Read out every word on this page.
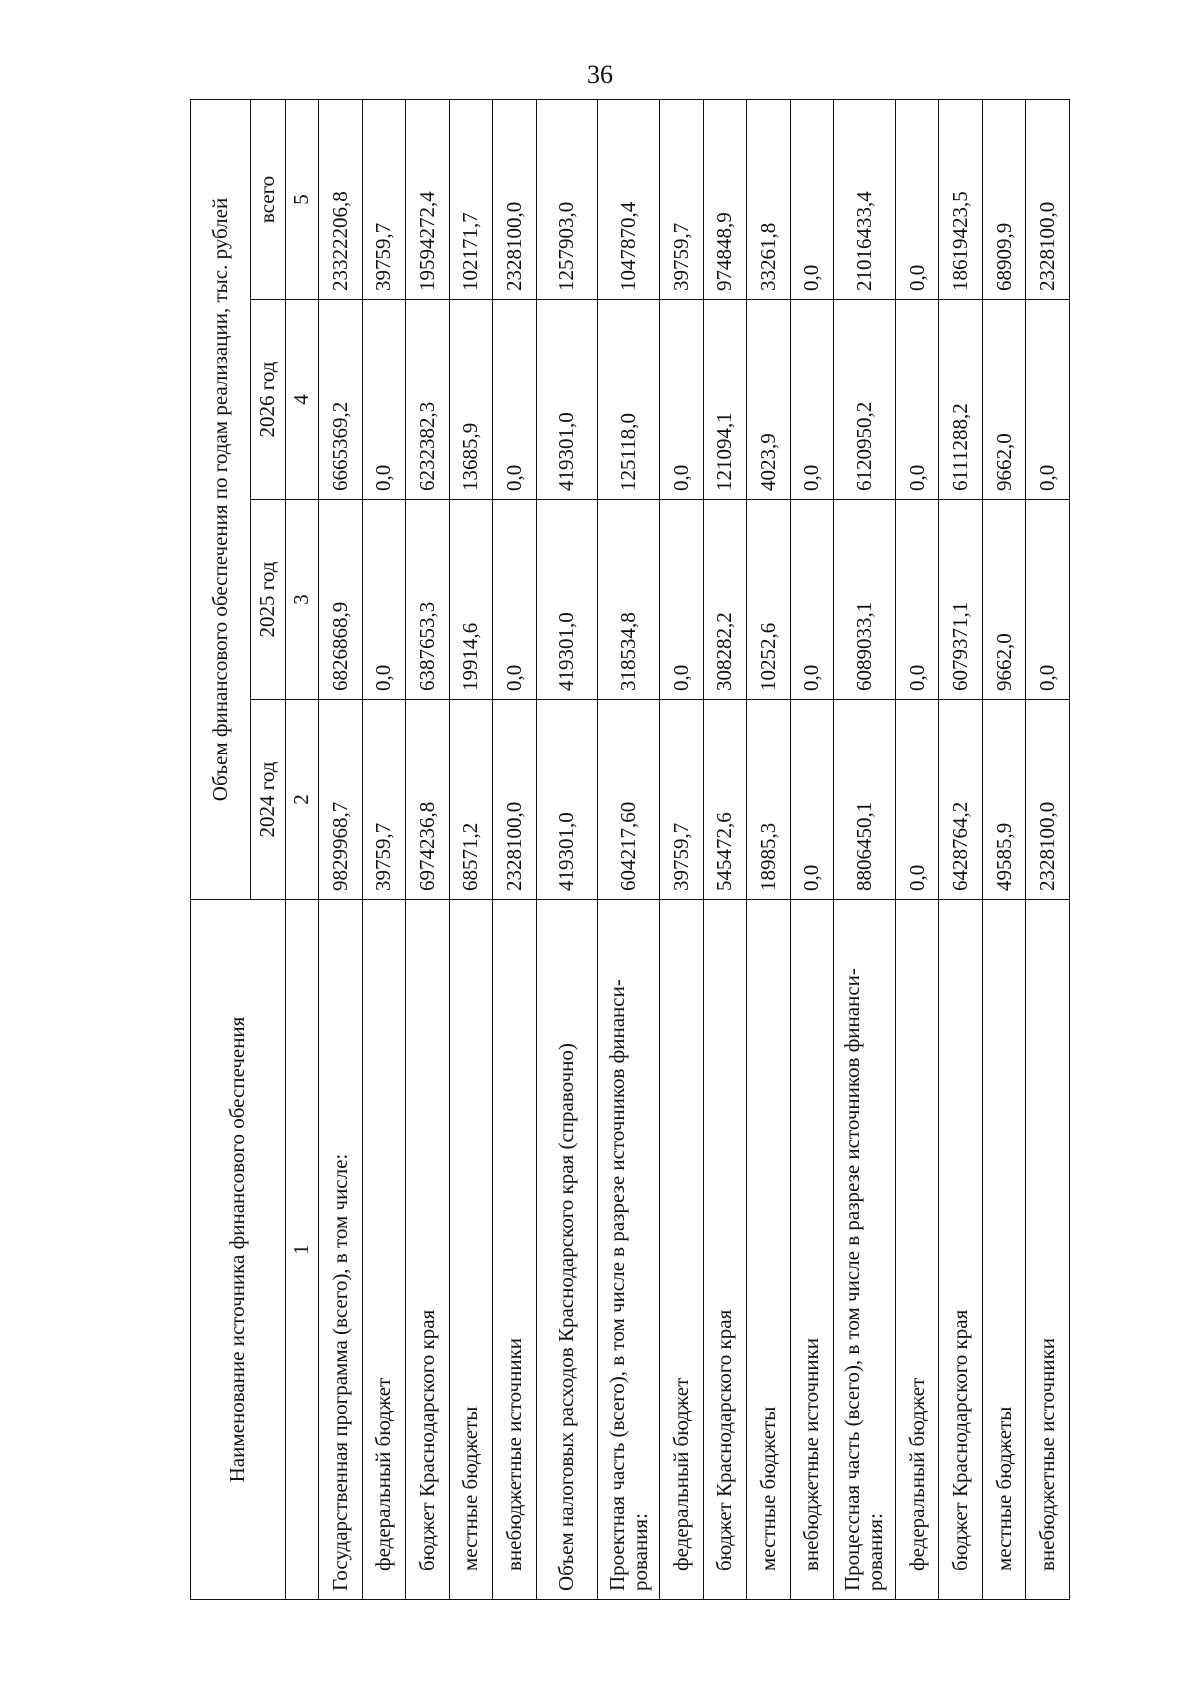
36
Наименование источника финансового обеспечения	Объем финансового обеспечения по годам реализации, тыс. рублей			
	2024 год	2025 год	2026 год	всего
1	2	3	4	5
Государственная программа (всего), в том числе:	9829968,7	6826868,9	6665369,2	23322206,8
федеральный бюджет	39759,7	0,0	0,0	39759,7
бюджет Краснодарского края	6974236,8	6387653,3	6232382,3	19594272,4
местные бюджеты	68571,2	19914,6	13685,9	102171,7
внебюджетные источники	2328100,0	0,0	0,0	2328100,0
Объем налоговых расходов Краснодарского края (справочно)	419301,0	419301,0	419301,0	1257903,0
Проектная часть (всего), в том числе в разрезе источников финанси-рования:	604217,60	318534,8	125118,0	1047870,4
федеральный бюджет	39759,7	0,0	0,0	39759,7
бюджет Краснодарского края	545472,6	308282,2	121094,1	974848,9
местные бюджеты	18985,3	10252,6	4023,9	33261,8
внебюджетные источники	0,0	0,0	0,0	0,0
Процессная часть (всего), в том числе в разрезе источников финанси-рования:	8806450,1	6089033,1	6120950,2	21016433,4
федеральный бюджет	0,0	0,0	0,0	0,0
бюджет Краснодарского края	6428764,2	6079371,1	6111288,2	18619423,5
местные бюджеты	49585,9	9662,0	9662,0	68909,9
внебюджетные источники	2328100,0	0,0	0,0	2328100,0
